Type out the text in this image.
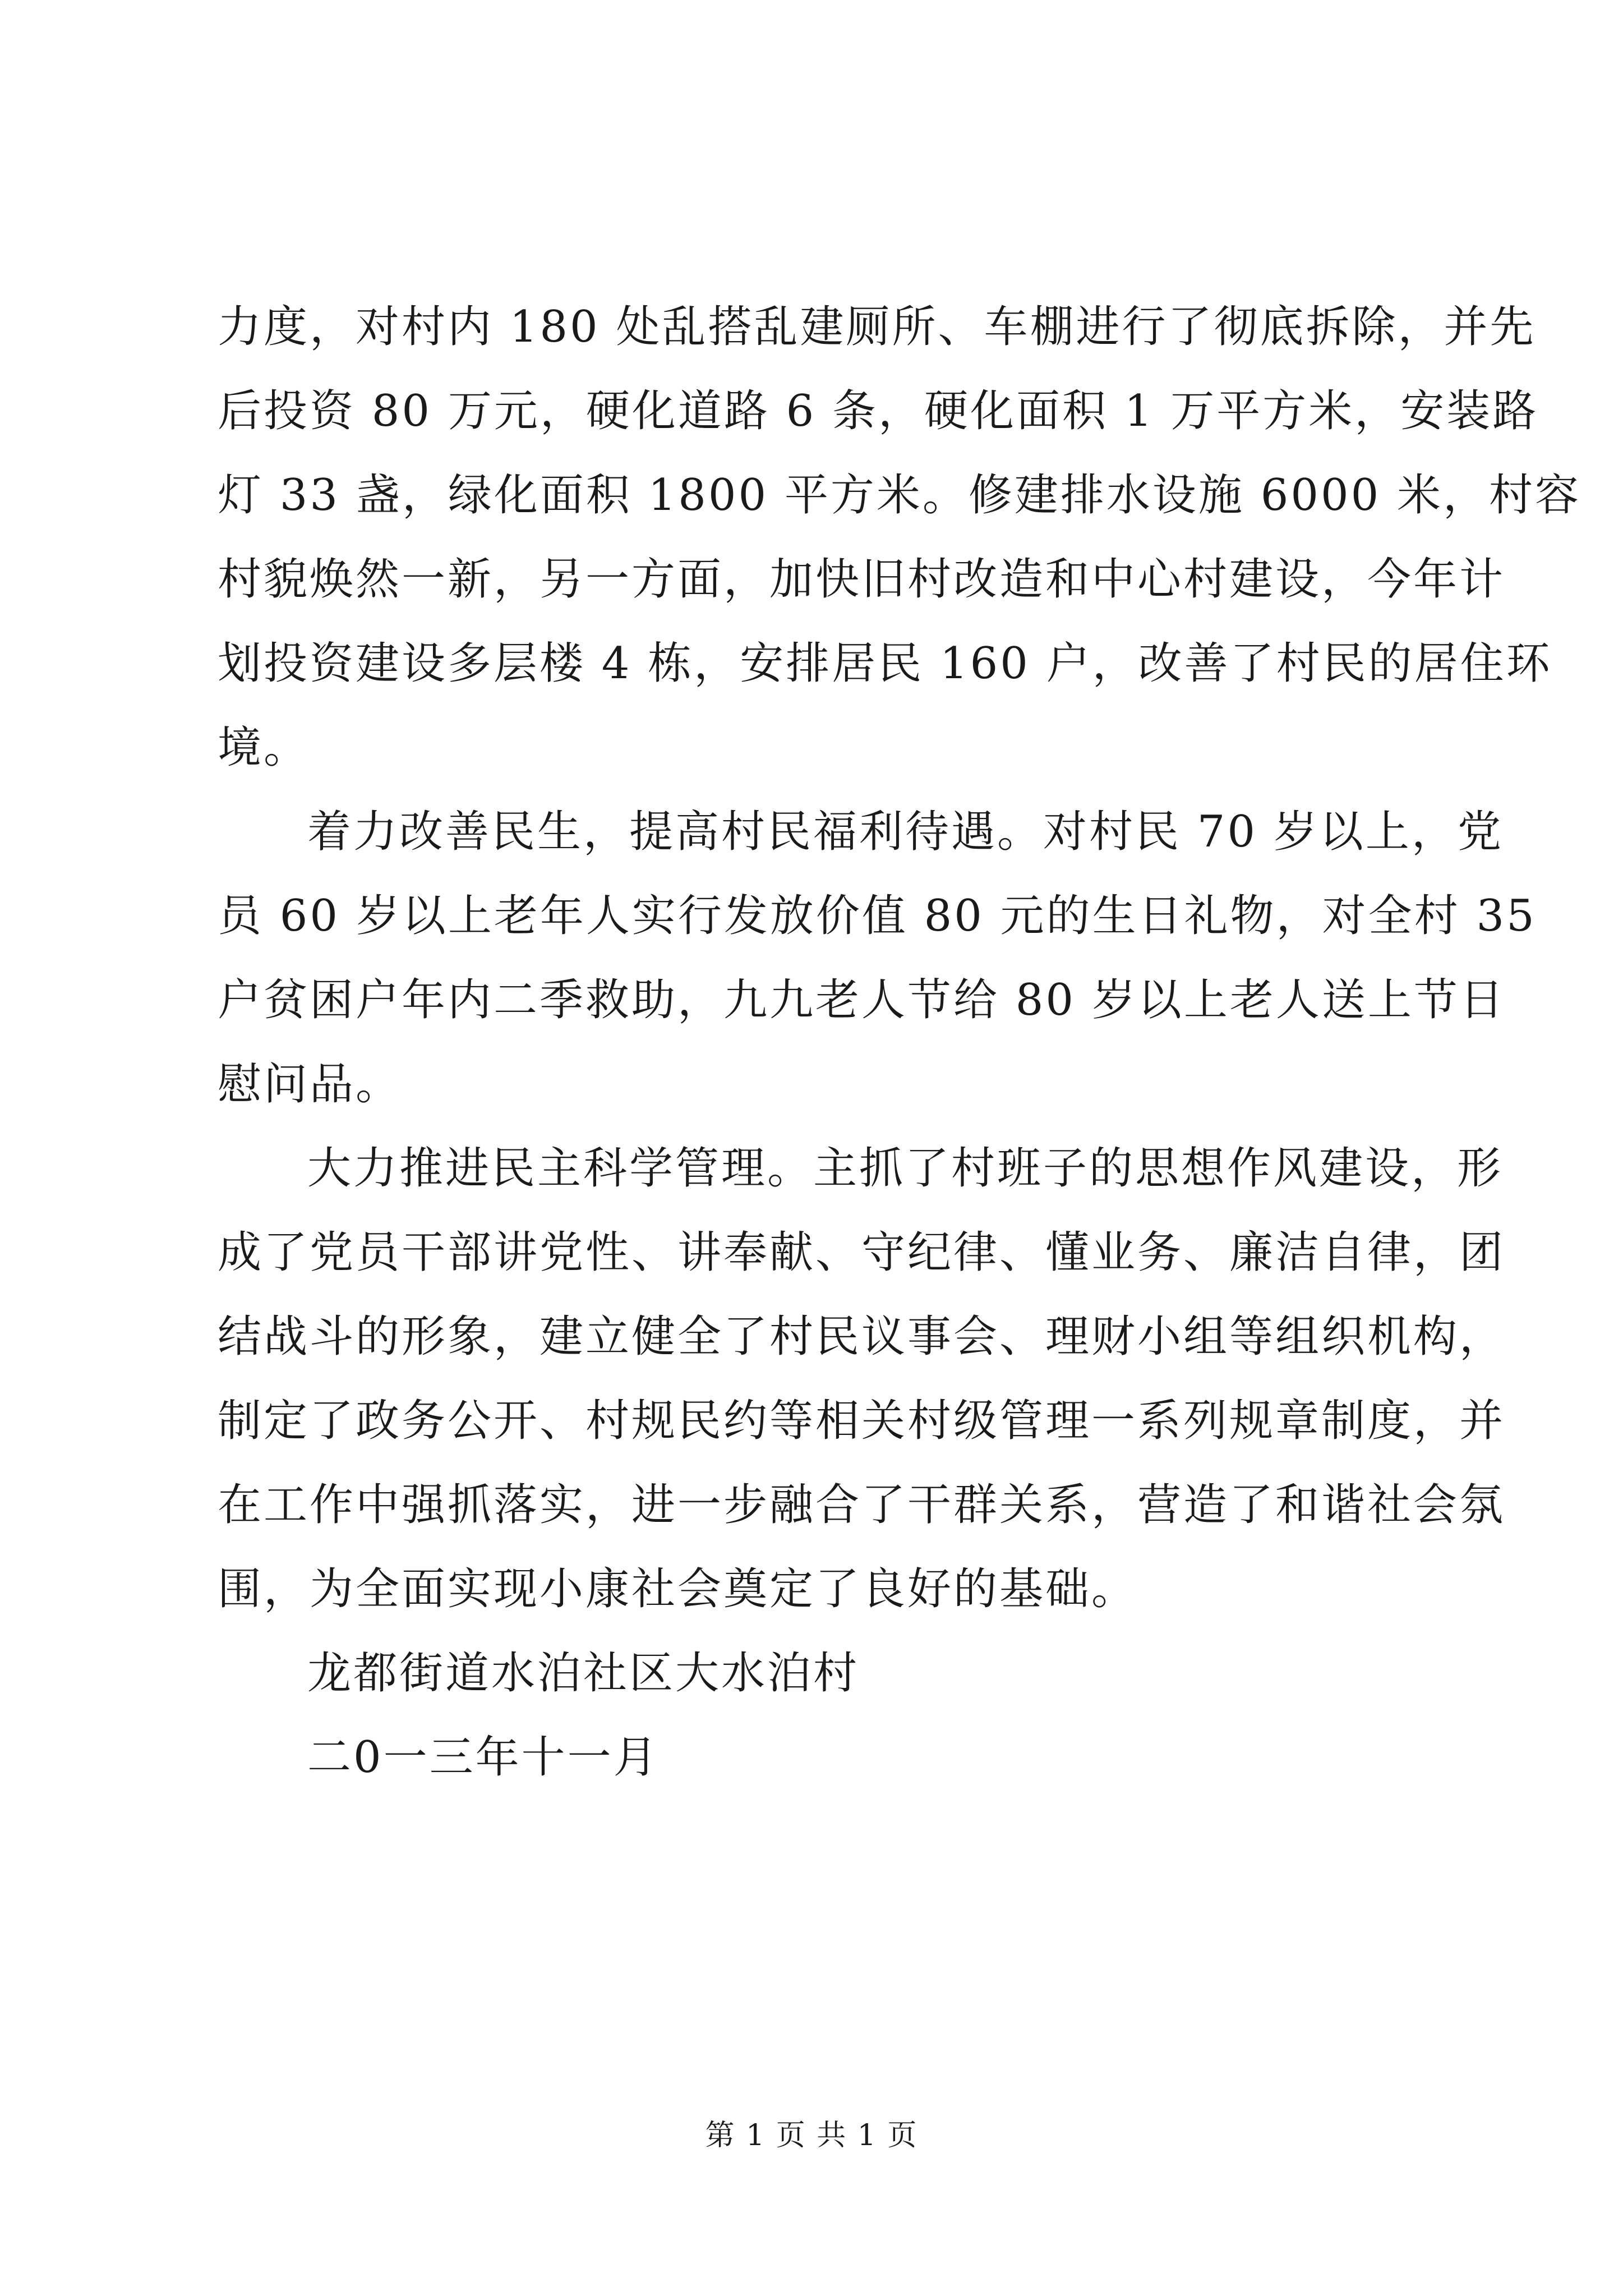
力度，对村内 180 处乱搭乱建厕所、车棚进行了彻底拆除，并先
后投资 80 万元，硬化道路 6 条，硬化面积 1 万平方米，安装路
灯 33 盏，绿化面积 1800 平方米。修建排水设施 6000 米，村容
村貌焕然一新，另一方面，加快旧村改造和中心村建设，今年计
划投资建设多层楼 4 栋，安排居民 160 户，改善了村民的居住环
境。
着力改善民生，提高村民福利待遇。对村民 70 岁以上，党
员 60 岁以上老年人实行发放价值 80 元的生日礼物，对全村 35
户贫困户年内二季救助，九九老人节给 80 岁以上老人送上节日
慰问品。
大力推进民主科学管理。主抓了村班子的思想作风建设，形
成了党员干部讲党性、讲奉献、守纪律、懂业务、廉洁自律，团
结战斗的形象，建立健全了村民议事会、理财小组等组织机构，
制定了政务公开、村规民约等相关村级管理一系列规章制度，并
在工作中强抓落实，进一步融合了干群关系，营造了和谐社会氛
围，为全面实现小康社会奠定了良好的基础。
龙都街道水泊社区大水泊村
二0一三年十一月
第 1 页 共 1 页
